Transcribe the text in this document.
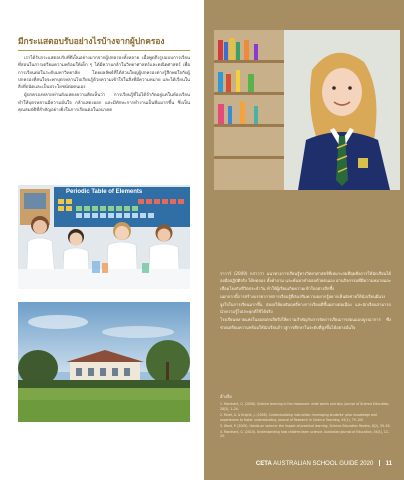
มีกระแสตอบรับอย่างไรบ้างจากผู้ปกครอง

เราได้รับกระแสตอบรับที่ดีเป็นอย่างมากจากผู้ปกครองทั้งหลาย เมื่อพูดถึงรูปแบบการเรียนที่สอนในการเตรียมความพร้อมให้เด็ก ๆ ได้มีความกล้าในวิทยาศาสตร์และคณิตศาสตร์ เพื่อการเรียนต่อในระดับมหาวิทยาลัย โดยผลลัพธ์ที่ได้ส่วนใหญ่ผู้ปกครองต่างรู้สึกพอใจกับผู้ปกครองที่สนใจจะพาบุตรหลานไปเรียนรู้ด้วยความเข้าใจในสิ่งที่มีความหมาย และได้เรียนในสิ่งที่ถนัดและเป็นประโยชน์ต่อตนเอง

ผู้ปกครองหลายท่านยังแสดงความคิดเห็นว่า การเรียนรู้ที่ไม่ได้จำกัดอยู่แค่ในห้องเรียนทำให้บุตรหลานมีความมั่นใจ กล้าแสดงออก และมีทักษะการทำงานเป็นทีมมากขึ้น ซึ่งเป็นคุณสมบัติที่สำคัญอย่างยิ่งในการเรียนต่อในอนาคต

Periodic Table of Elements

ราวาร์ (2009) กล่าวว่า แนวทางการเรียนรู้ทางวิทยาศาสตร์ที่เหมาะสมที่สุดคือการให้นักเรียนได้ลงมือปฏิบัติจริง ได้ทดลอง ตั้งคำถาม และค้นหาคำตอบด้วยตนเอง ผ่านกิจกรรมที่มีความหมายและเชื่อมโยงกับชีวิตประจำวัน ทำให้ผู้เรียนเกิดความเข้าใจอย่างลึกซึ้ง

นอกจากนี้การสร้างบรรยากาศการเรียนรู้ที่ส่งเสริมความอยากรู้อยากเห็นยังช่วยให้นักเรียนมีแรงจูงใจในการเรียนมากขึ้น ส่งผลให้ผลสัมฤทธิ์ทางการเรียนดีขึ้นอย่างต่อเนื่อง และนักเรียนสามารถนำความรู้ไปประยุกต์ใช้ได้จริง

โรงเรียนหลายแห่งในออสเตรเลียจึงให้ความสำคัญกับการจัดการเรียนการสอนแบบบูรณาการ ซึ่งช่วยเตรียมความพร้อมให้นักเรียนก้าวสู่การศึกษาในระดับที่สูงขึ้นได้อย่างมั่นใจ

อ้างอิง

1. Marchant, G. (2006). Science learning in the classroom: what works and why. Journal of Science Education, 28(3), 1–24.

2. Rivet, A. & Krajcik, J. (2008). Contextualizing instruction: leveraging students' prior knowledge and experiences to foster understanding. Journal of Research in Science Teaching, 45(1), 79–100.

3. Ward, P. (2009). Hands-on science: the impact of practical learning. Science Education Review, 8(2), 55–63.

4. Marchant, G. (2010). Understanding how children learn science. Australian Journal of Education, 54(1), 12–20.

CETA AUSTRALIAN SCHOOL GUIDE 2020 11
